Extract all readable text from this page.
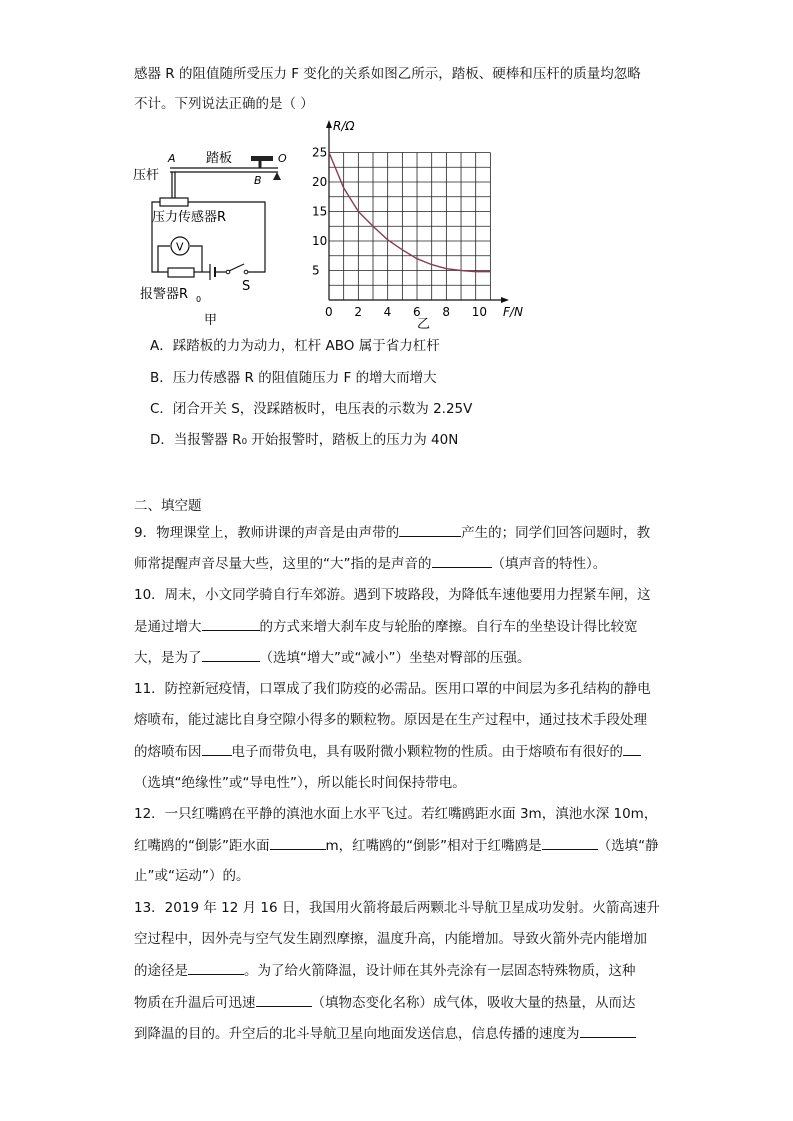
感器 R 的阻值随所受压力 F 变化的关系如图乙所示，踏板、硬棒和压杆的质量均忽略
不计。下列说法正确的是（ ）
V
A 踏板	O
B
压杆
压力传感器R
报警器R 0
S
甲
0 2 4 6 8 10
5
10
15
20
25
R/Ω
F/N
乙
A．踩踏板的力为动力，杠杆 ABO 属于省力杠杆
B．压力传感器 R 的阻值随压力 F 的增大而增大
C．闭合开关 S，没踩踏板时，电压表的示数为 2.25V
D．当报警器 R₀ 开始报警时，踏板上的压力为 40N
二、填空题
9．物理课堂上，教师讲课的声音是由声带的	产生的；同学们回答问题时，教
师常提醒声音尽量大些，这里的“大”指的是声音的	（填声音的特性）。
10．周末，小文同学骑自行车郊游。遇到下坡路段，为降低车速他要用力捏紧车闸，这
是通过增大	的方式来增大刹车皮与轮胎的摩擦。自行车的坐垫设计得比较宽
大，是为了	（选填“增大”或“减小”）坐垫对臀部的压强。
11．防控新冠疫情，口罩成了我们防疫的必需品。医用口罩的中间层为多孔结构的静电
熔喷布，能过滤比自身空隙小得多的颗粒物。原因是在生产过程中，通过技术手段处理
的熔喷布因 电子而带负电，具有吸附微小颗粒物的性质。由于熔喷布有很好的
（选填“绝缘性”或“导电性”），所以能长时间保持带电。
12．一只红嘴鸥在平静的滇池水面上水平飞过。若红嘴鸥距水面 3m，滇池水深 10m，
红嘴鸥的“倒影”距水面	m，红嘴鸥的“倒影”相对于红嘴鸥是	（选填“静
止”或“运动”）的。
13．2019 年 12 月 16 日，我国用火箭将最后两颗北斗导航卫星成功发射。火箭高速升
空过程中，因外壳与空气发生剧烈摩擦，温度升高，内能增加。导致火箭外壳内能增加
的途径是	。为了给火箭降温，设计师在其外壳涂有一层固态特殊物质，这种
物质在升温后可迅速	（填物态变化名称）成气体，吸收大量的热量，从而达
到降温的目的。升空后的北斗导航卫星向地面发送信息，信息传播的速度为
